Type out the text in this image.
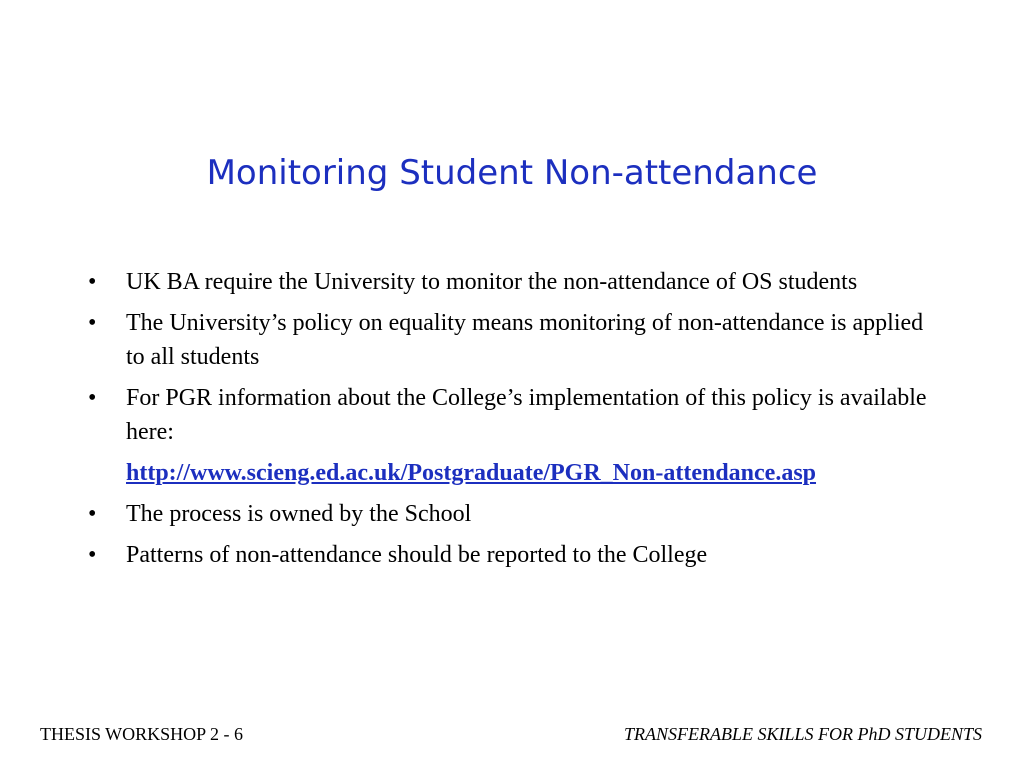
Monitoring Student Non-attendance
• UK BA require the University to monitor the non-attendance of OS students
• The University’s policy on equality means monitoring of non-attendance is applied to all students
• For PGR information about the College’s implementation of this policy is available here:
http://www.scieng.ed.ac.uk/Postgraduate/PGR_Non-attendance.asp
• The process is owned by the School
• Patterns of non-attendance should be reported to the College
THESIS WORKSHOP 2 - 6	TRANSFERABLE SKILLS FOR PhD STUDENTS
